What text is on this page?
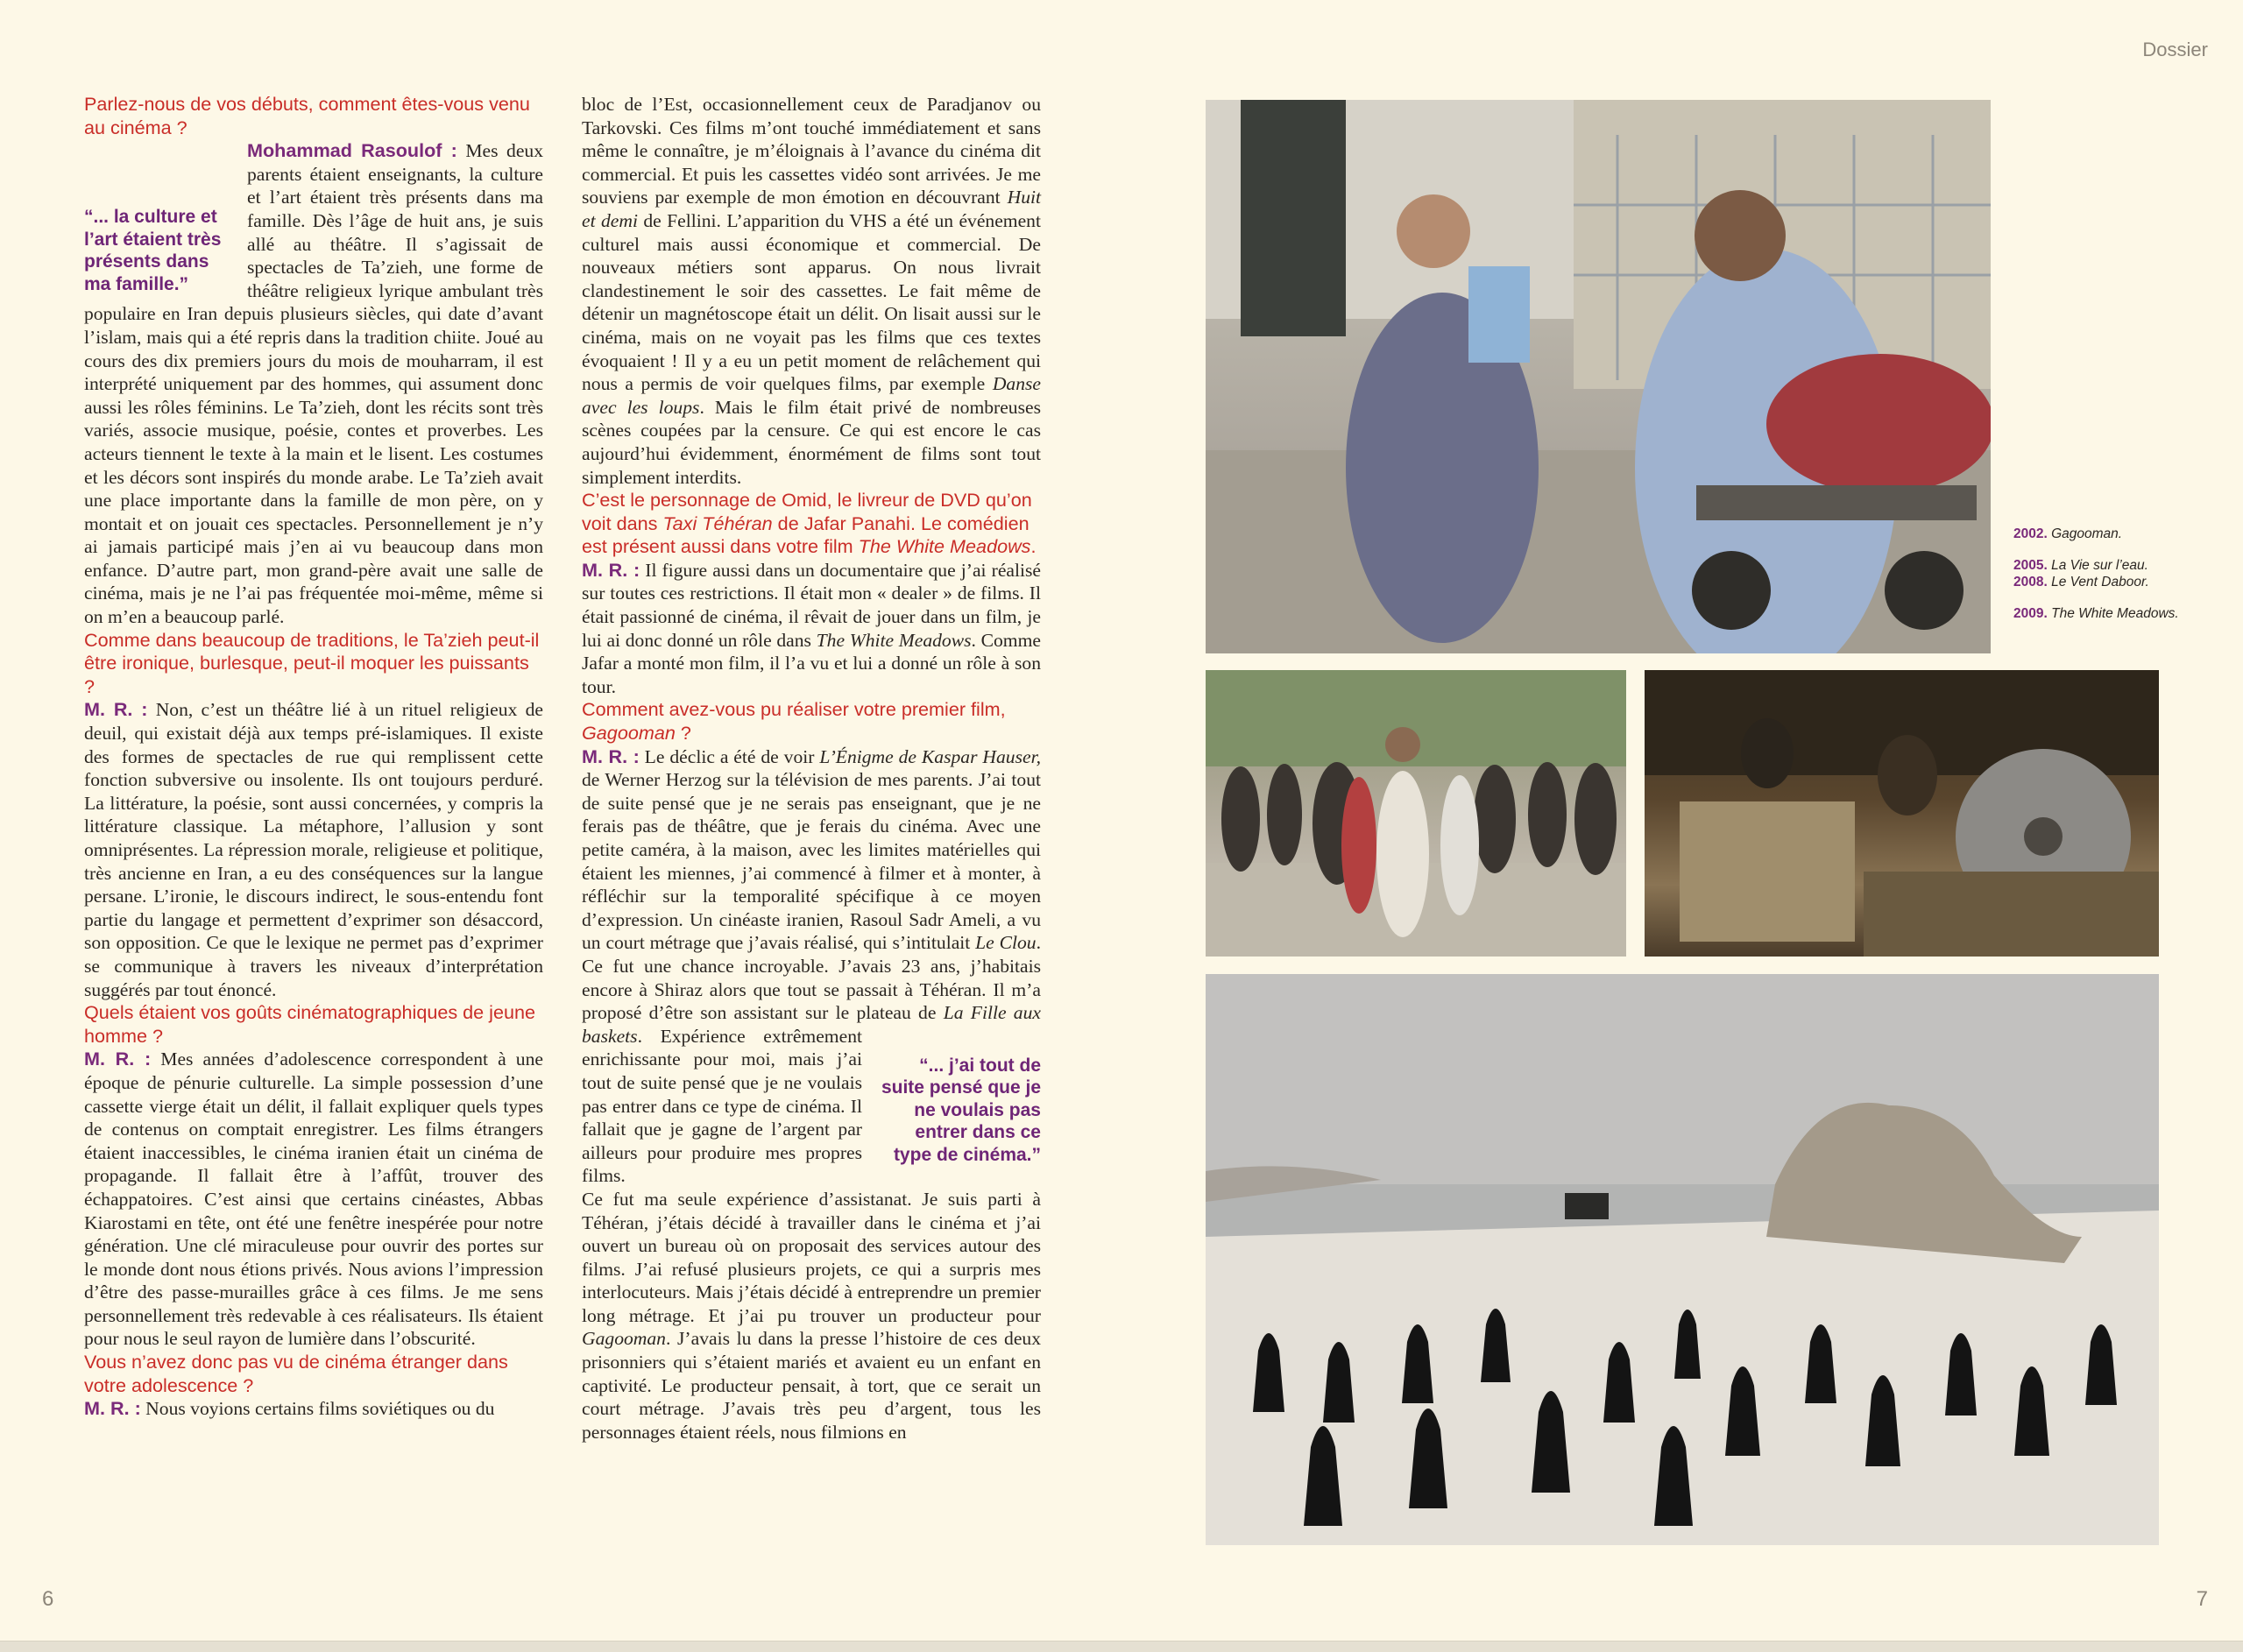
Dossier

Parlez-nous de vos débuts, comment êtes-vous venu au cinéma ?

Mohammad Rasoulof :
“... la culture et l’art étaient très présents dans ma famille.”
Mes deux parents étaient enseignants, la culture et l’art étaient très présents dans ma famille. Dès l’âge de huit ans, je suis allé au théâtre. Il s’agissait de spectacles de Ta’zieh, une forme de théâtre religieux lyrique ambulant très populaire en Iran depuis plusieurs siècles, qui date d’avant l’islam, mais qui a été repris dans la tradition chiite. Joué au cours des dix premiers jours du mois de mouharram, il est interprété uniquement par des hommes, qui assument donc aussi les rôles féminins. Le Ta’zieh, dont les récits sont très variés, associe musique, poésie, contes et proverbes. Les acteurs tiennent le texte à la main et le lisent. Les costumes et les décors sont inspirés du monde arabe. Le Ta’zieh avait une place importante dans la famille de mon père, on y montait et on jouait ces spectacles. Personnellement je n’y ai jamais participé mais j’en ai vu beaucoup dans mon enfance. D’autre part, mon grand-père avait une salle de cinéma, mais je ne l’ai pas fréquentée moi-même, même si on m’en a beaucoup parlé.

Comme dans beaucoup de traditions, le Ta’zieh peut-il être ironique, burlesque, peut-il moquer les puissants ?

M. R. : Non, c’est un théâtre lié à un rituel religieux de deuil, qui existait déjà aux temps pré-islamiques. Il existe des formes de spectacles de rue qui remplissent cette fonction subversive ou insolente. Ils ont toujours perduré. La littérature, la poésie, sont aussi concernées, y compris la littérature classique. La métaphore, l’allusion y sont omniprésentes. La répression morale, religieuse et politique, très ancienne en Iran, a eu des conséquences sur la langue persane. L’ironie, le discours indirect, le sous-entendu font partie du langage et permettent d’exprimer son désaccord, son opposition. Ce que le lexique ne permet pas d’exprimer se communique à travers les niveaux d’interprétation suggérés par tout énoncé.

Quels étaient vos goûts cinématographiques de jeune homme ?

M. R. : Mes années d’adolescence correspondent à une époque de pénurie culturelle. La simple possession d’une cassette vierge était un délit, il fallait expliquer quels types de contenus on comptait enregistrer. Les films étrangers étaient inaccessibles, le cinéma iranien était un cinéma de propagande. Il fallait être à l’affût, trouver des échappatoires. C’est ainsi que certains cinéastes, Abbas Kiarostami en tête, ont été une fenêtre inespérée pour notre génération. Une clé miraculeuse pour ouvrir des portes sur le monde dont nous étions privés. Nous avions l’impression d’être des passe-murailles grâce à ces films. Je me sens personnellement très redevable à ces réalisateurs. Ils étaient pour nous le seul rayon de lumière dans l’obscurité.

Vous n’avez donc pas vu de cinéma étranger dans votre adolescence ?

M. R. : Nous voyions certains films soviétiques ou du

bloc de l’Est, occasionnellement ceux de Paradjanov ou Tarkovski. Ces films m’ont touché immédiatement et sans même le connaître, je m’éloignais à l’avance du cinéma dit commercial. Et puis les cassettes vidéo sont arrivées. Je me souviens par exemple de mon émotion en découvrant Huit et demi de Fellini. L’apparition du VHS a été un événement culturel mais aussi économique et commercial. De nouveaux métiers sont apparus. On nous livrait clandestinement le soir des cassettes. Le fait même de détenir un magnétoscope était un délit. On lisait aussi sur le cinéma, mais on ne voyait pas les films que ces textes évoquaient ! Il y a eu un petit moment de relâchement qui nous a permis de voir quelques films, par exemple Danse avec les loups. Mais le film était privé de nombreuses scènes coupées par la censure. Ce qui est encore le cas aujourd’hui évidemment, énormément de films sont tout simplement interdits.

C’est le personnage de Omid, le livreur de DVD qu’on voit dans Taxi Téhéran de Jafar Panahi. Le comédien est présent aussi dans votre film The White Meadows.

M. R. : Il figure aussi dans un documentaire que j’ai réalisé sur toutes ces restrictions. Il était mon « dealer » de films. Il était passionné de cinéma, il rêvait de jouer dans un film, je lui ai donc donné un rôle dans The White Meadows. Comme Jafar a monté mon film, il l’a vu et lui a donné un rôle à son tour.

Comment avez-vous pu réaliser votre premier film, Gagooman ?

M. R. : Le déclic a été de voir L’Énigme de Kaspar Hauser, de Werner Herzog sur la télévision de mes parents. J’ai tout de suite pensé que je ne serais pas enseignant, que je ne ferais pas de théâtre, que je ferais du cinéma. Avec une petite caméra, à la maison, avec les limites matérielles qui étaient les miennes, j’ai commencé à filmer et à monter, à réfléchir sur la temporalité spécifique à ce moyen d’expression. Un cinéaste iranien, Rasoul Sadr Ameli, a vu un court métrage que j’avais réalisé, qui s’intitulait Le Clou. Ce fut une chance incroyable. J’avais 23 ans, j’habitais encore à Shiraz alors que tout se passait à Téhéran. Il m’a proposé d’être son assistant sur le plateau de
“... j’ai tout de suite pensé que je ne voulais pas entrer dans ce type de cinéma.”
La Fille aux baskets. Expérience extrêmement enrichissante pour moi, mais j’ai tout de suite pensé que je ne voulais pas entrer dans ce type de cinéma. Il fallait que je gagne de l’argent par ailleurs pour produire mes propres films.

Ce fut ma seule expérience d’assistanat. Je suis parti à Téhéran, j’étais décidé à travailler dans le cinéma et j’ai ouvert un bureau où on proposait des services autour des films. J’ai refusé plusieurs projets, ce qui a surpris mes interlocuteurs. Mais j’étais décidé à entreprendre un premier long métrage. Et j’ai pu trouver un producteur pour Gagooman. J’avais lu dans la presse l’histoire de ces deux prisonniers qui s’étaient mariés et avaient eu un enfant en captivité. Le producteur pensait, à tort, que ce serait un court métrage. J’avais très peu d’argent, tous les personnages étaient réels, nous filmions en

2002. Gagooman.
2005. La Vie sur l’eau.
2008. Le Vent Daboor.
2009. The White Meadows.
6	7
